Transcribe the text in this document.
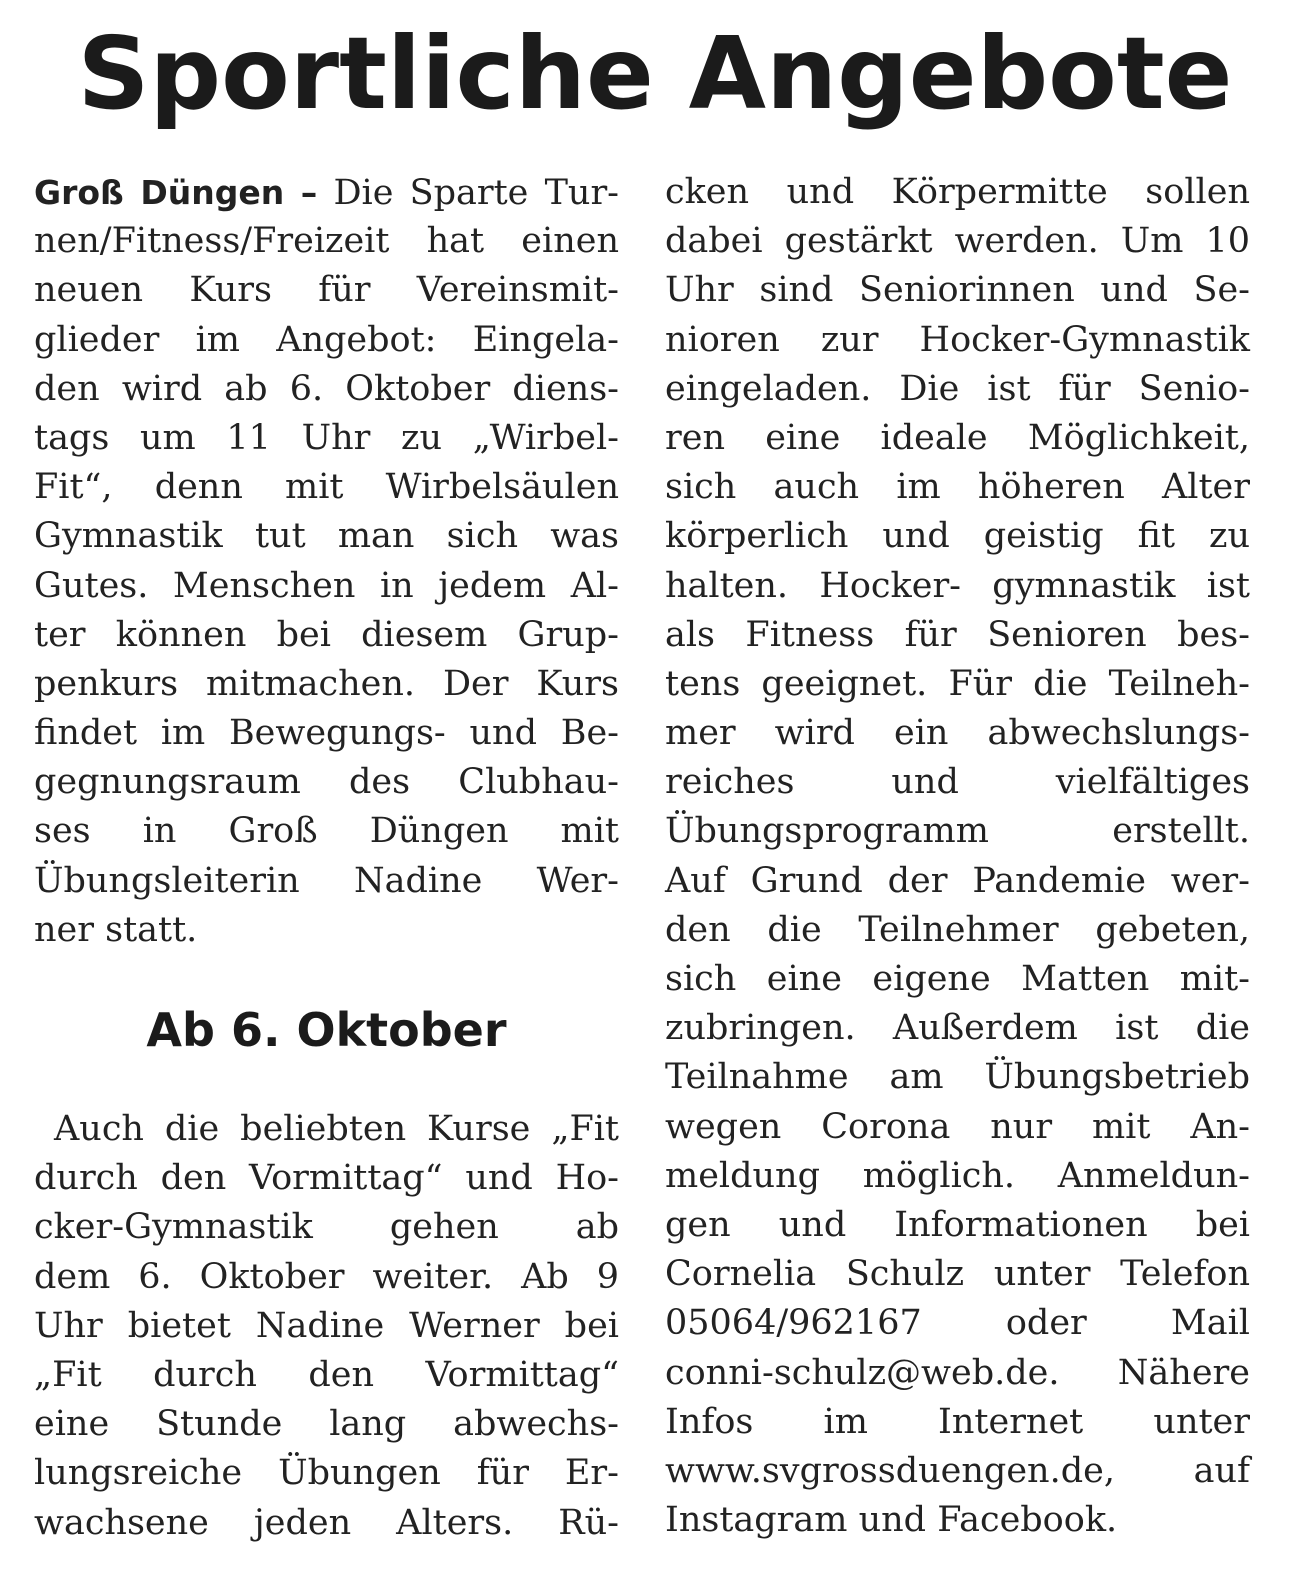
Sportliche Angebote
Groß Düngen – Die Sparte Tur-
nen/Fitness/Freizeit hat einen
neuen Kurs für Vereinsmit-
glieder im Angebot: Eingela-
den wird ab 6. Oktober diens-
tags um 11 Uhr zu „Wirbel-
Fit“, denn mit Wirbelsäulen
Gymnastik tut man sich was
Gutes. Menschen in jedem Al-
ter können bei diesem Grup-
penkurs mitmachen. Der Kurs
findet im Bewegungs- und Be-
gegnungsraum des Clubhau-
ses in Groß Düngen mit
Übungsleiterin Nadine Wer-
ner statt.
Ab 6. Oktober
Auch die beliebten Kurse „Fit
durch den Vormittag“ und Ho-
cker-Gymnastik gehen ab
dem 6. Oktober weiter. Ab 9
Uhr bietet Nadine Werner bei
„Fit durch den Vormittag“
eine Stunde lang abwechs-
lungsreiche Übungen für Er-
wachsene jeden Alters. Rü-
cken und Körpermitte sollen
dabei gestärkt werden. Um 10
Uhr sind Seniorinnen und Se-
nioren zur Hocker-Gymnastik
eingeladen. Die ist für Senio-
ren eine ideale Möglichkeit,
sich auch im höheren Alter
körperlich und geistig fit zu
halten. Hocker- gymnastik ist
als Fitness für Senioren bes-
tens geeignet. Für die Teilneh-
mer wird ein abwechslungs-
reiches und vielfältiges
Übungsprogramm erstellt.
Auf Grund der Pandemie wer-
den die Teilnehmer gebeten,
sich eine eigene Matten mit-
zubringen. Außerdem ist die
Teilnahme am Übungsbetrieb
wegen Corona nur mit An-
meldung möglich. Anmeldun-
gen und Informationen bei
Cornelia Schulz unter Telefon
05064/962167 oder Mail
conni-schulz@web.de. Nähere
Infos im Internet unter
www.svgrossduengen.de, auf
Instagram und Facebook.
